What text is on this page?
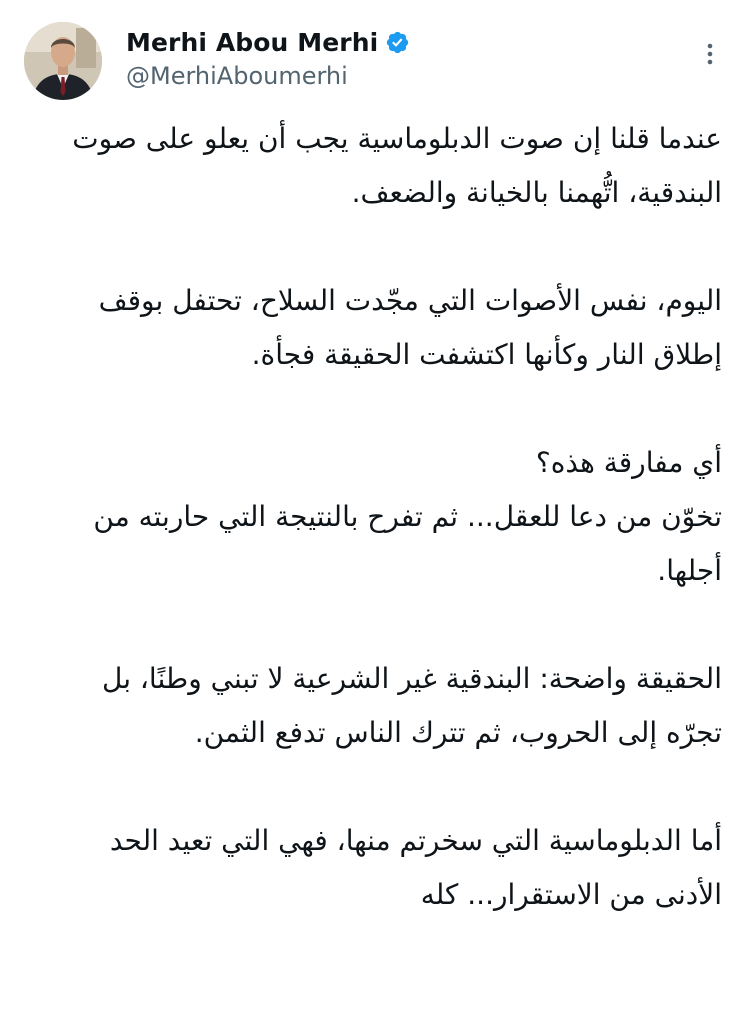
Merhi Abou Merhi
@MerhiAboumerhi

عندما قلنا إن صوت الدبلوماسية يجب أن يعلو على صوت
البندقية، اتُّهمنا بالخيانة والضعف.

اليوم، نفس الأصوات التي مجّدت السلاح، تحتفل بوقف
إطلاق النار وكأنها اكتشفت الحقيقة فجأة.

أي مفارقة هذه؟
تخوّن من دعا للعقل... ثم تفرح بالنتيجة التي حاربته من
أجلها.

الحقيقة واضحة: البندقية غير الشرعية لا تبني وطنًا، بل
تجرّه إلى الحروب، ثم تترك الناس تدفع الثمن.

أما الدبلوماسية التي سخرتم منها، فهي التي تعيد الحد
الأدنى من الاستقرار... كله
